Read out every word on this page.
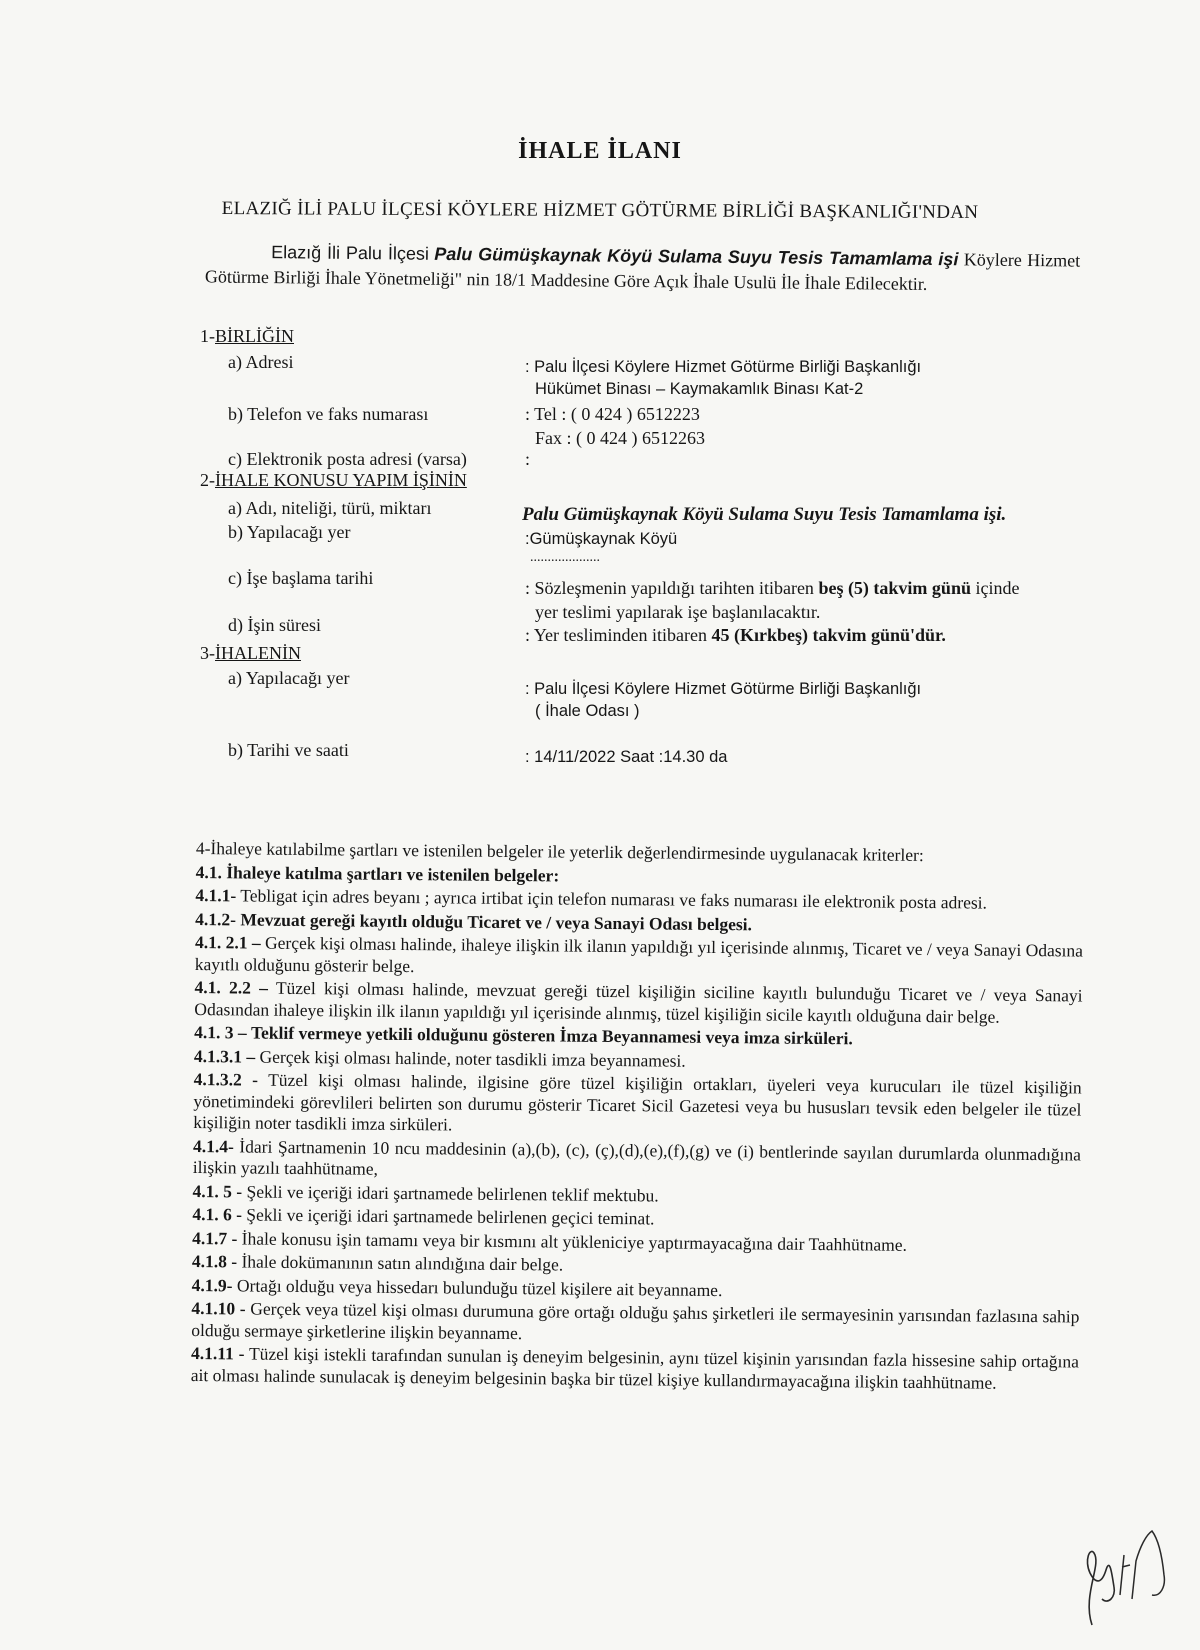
İHALE İLANI
ELAZIĞ İLİ PALU İLÇESİ KÖYLERE HİZMET GÖTÜRME BİRLİĞİ BAŞKANLIĞI'NDAN
Elazığ İli Palu İlçesi Palu Gümüşkaynak Köyü Sulama Suyu Tesis Tamamlama işi Köylere Hizmet Götürme Birliği İhale Yönetmeliği" nin 18/1 Maddesine Göre Açık İhale Usulü İle İhale Edilecektir.
1-BİRLİĞİN
a) Adresi	: Palu İlçesi Köylere Hizmet Götürme Birliği Başkanlığı
Hükümet Binası – Kaymakamlık Binası Kat-2
b) Telefon ve faks numarası	: Tel : ( 0 424 ) 6512223
Fax : ( 0 424 ) 6512263
c) Elektronik posta adresi (varsa)	:
2-İHALE KONUSU YAPIM İŞİNİN
a) Adı, niteliği, türü, miktarı	Palu Gümüşkaynak Köyü Sulama Suyu Tesis Tamamlama işi.
b) Yapılacağı yer	:Gümüşkaynak Köyü
....................
c) İşe başlama tarihi	: Sözleşmenin yapıldığı tarihten itibaren beş (5) takvim günü içinde
yer teslimi yapılarak işe başlanılacaktır.
d) İşin süresi	: Yer tesliminden itibaren 45 (Kırkbeş) takvim günü'dür.
3-İHALENİN
a) Yapılacağı yer
: Palu İlçesi Köylere Hizmet Götürme Birliği Başkanlığı
( İhale Odası )
b) Tarihi ve saati	: 14/11/2022 Saat :14.30 da

4-İhaleye katılabilme şartları ve istenilen belgeler ile yeterlik değerlendirmesinde uygulanacak kriterler:

4.1. İhaleye katılma şartları ve istenilen belgeler:

4.1.1- Tebligat için adres beyanı ; ayrıca irtibat için telefon numarası ve faks numarası ile elektronik posta adresi.

4.1.2- Mevzuat gereği kayıtlı olduğu Ticaret ve / veya Sanayi Odası belgesi.

4.1. 2.1 – Gerçek kişi olması halinde, ihaleye ilişkin ilk ilanın yapıldığı yıl içerisinde alınmış, Ticaret ve / veya Sanayi Odasına kayıtlı olduğunu gösterir belge.

4.1. 2.2 – Tüzel kişi olması halinde, mevzuat gereği tüzel kişiliğin siciline kayıtlı bulunduğu Ticaret ve / veya Sanayi Odasından ihaleye ilişkin ilk ilanın yapıldığı yıl içerisinde alınmış, tüzel kişiliğin sicile kayıtlı olduğuna dair belge.

4.1. 3 – Teklif vermeye yetkili olduğunu gösteren İmza Beyannamesi veya imza sirküleri.

4.1.3.1 – Gerçek kişi olması halinde, noter tasdikli imza beyannamesi.

4.1.3.2 - Tüzel kişi olması halinde, ilgisine göre tüzel kişiliğin ortakları, üyeleri veya kurucuları ile tüzel kişiliğin yönetimindeki görevlileri belirten son durumu gösterir Ticaret Sicil Gazetesi veya bu hususları tevsik eden belgeler ile tüzel kişiliğin noter tasdikli imza sirküleri.

4.1.4- İdari Şartnamenin 10 ncu maddesinin (a),(b), (c), (ç),(d),(e),(f),(g) ve (i) bentlerinde sayılan durumlarda olunmadığına ilişkin yazılı taahhütname,

4.1. 5 - Şekli ve içeriği idari şartnamede belirlenen teklif mektubu.

4.1. 6 - Şekli ve içeriği idari şartnamede belirlenen geçici teminat.

4.1.7 - İhale konusu işin tamamı veya bir kısmını alt yükleniciye yaptırmayacağına dair Taahhütname.

4.1.8 - İhale dokümanının satın alındığına dair belge.

4.1.9- Ortağı olduğu veya hissedarı bulunduğu tüzel kişilere ait beyanname.

4.1.10 - Gerçek veya tüzel kişi olması durumuna göre ortağı olduğu şahıs şirketleri ile sermayesinin yarısından fazlasına sahip olduğu sermaye şirketlerine ilişkin beyanname.

4.1.11 - Tüzel kişi istekli tarafından sunulan iş deneyim belgesinin, aynı tüzel kişinin yarısından fazla hissesine sahip ortağına ait olması halinde sunulacak iş deneyim belgesinin başka bir tüzel kişiye kullandırmayacağına ilişkin taahhütname.
